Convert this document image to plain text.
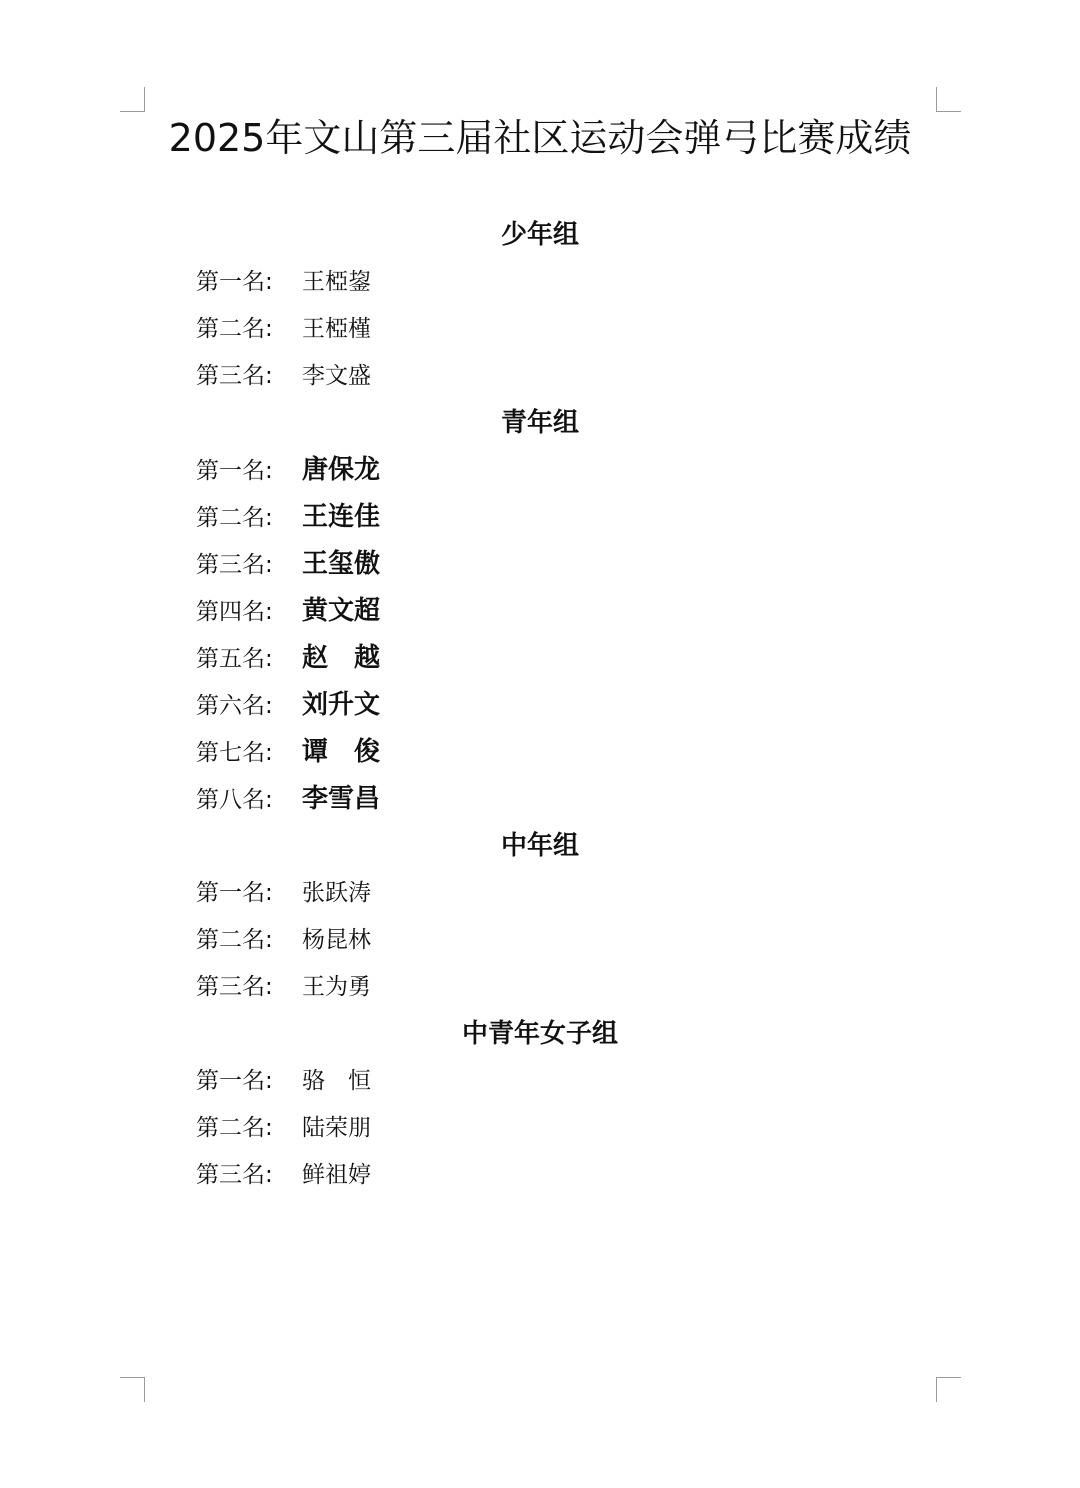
2025年文山第三届社区运动会弹弓比赛成绩
少年组
第一名: 王椏鋆
第二名: 王椏槿
第三名: 李文盛
青年组
第一名: 唐保龙
第二名: 王连佳
第三名: 王玺傲
第四名: 黄文超
第五名: 赵　越
第六名: 刘升文
第七名: 谭　俊
第八名: 李雪昌
中年组
第一名: 张跃涛
第二名: 杨昆林
第三名: 王为勇
中青年女子组
第一名: 骆　恒
第二名: 陆荣朋
第三名: 鲜祖婷
